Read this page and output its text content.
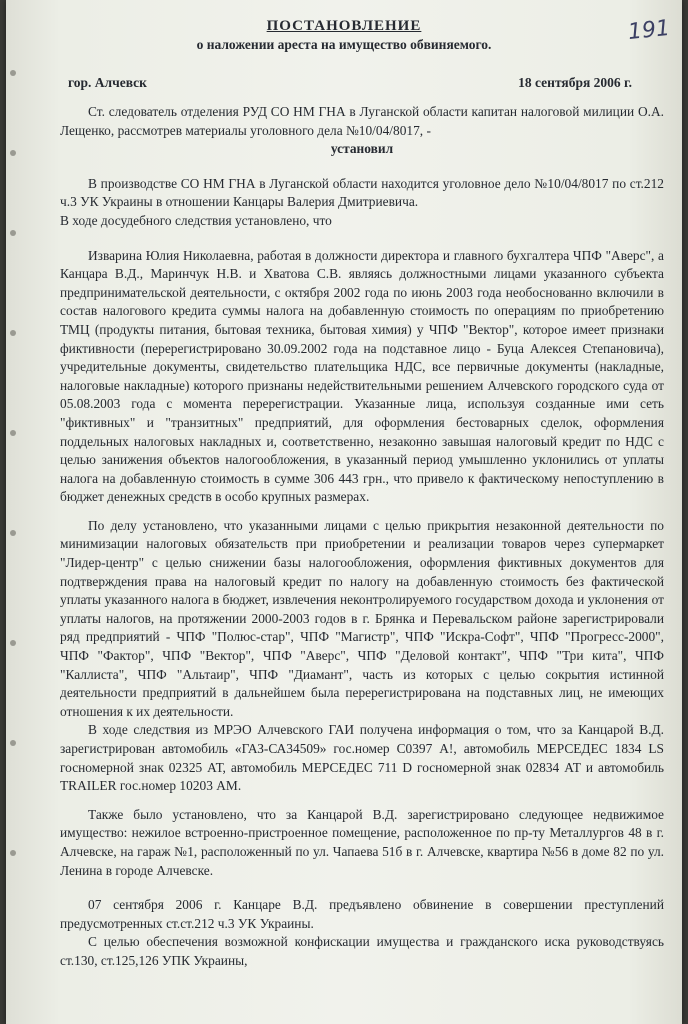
191
ПОСТАНОВЛЕНИЕ
о наложении ареста на имущество обвиняемого.
гор. Алчевск	18 сентября 2006 г.

Ст. следователь отделения РУД СО НМ ГНА в Луганской области капитан налоговой милиции О.А. Лещенко, рассмотрев материалы уголовного дела №10/04/8017, -

установил

В производстве СО НМ ГНА в Луганской области находится уголовное дело №10/04/8017 по ст.212 ч.3 УК Украины в отношении Канцары Валерия Дмитриевича.

В ходе досудебного следствия установлено, что

Изварина Юлия Николаевна, работая в должности директора и главного бухгалтера ЧПФ "Аверс", а Канцара В.Д., Маринчук Н.В. и Хватова С.В. являясь должностными лицами указанного субъекта предпринимательской деятельности, с октября 2002 года по июнь 2003 года необоснованно включили в состав налогового кредита суммы налога на добавленную стоимость по операциям по приобретению ТМЦ (продукты питания, бытовая техника, бытовая химия) у ЧПФ "Вектор", которое имеет признаки фиктивности (перерегистрировано 30.09.2002 года на подставное лицо - Буца Алексея Степановича), учредительные документы, свидетельство плательщика НДС, все первичные документы (накладные, налоговые накладные) которого признаны недействительными решением Алчевского городского суда от 05.08.2003 года с момента перерегистрации. Указанные лица, используя созданные ими сеть "фиктивных" и "транзитных" предприятий, для оформления бестоварных сделок, оформления поддельных налоговых накладных и, соответственно, незаконно завышая налоговый кредит по НДС с целью занижения объектов налогообложения, в указанный период умышленно уклонились от уплаты налога на добавленную стоимость в сумме 306 443 грн., что привело к фактическому непоступлению в бюджет денежных средств в особо крупных размерах.

По делу установлено, что указанными лицами с целью прикрытия незаконной деятельности по минимизации налоговых обязательств при приобретении и реализации товаров через супермаркет "Лидер-центр" с целью снижении базы налогообложения, оформления фиктивных документов для подтверждения права на налоговый кредит по налогу на добавленную стоимость без фактической уплаты указанного налога в бюджет, извлечения неконтролируемого государством дохода и уклонения от уплаты налогов, на протяжении 2000-2003 годов в г. Брянка и Перевальском районе зарегистрировали ряд предприятий - ЧПФ "Полюс-стар", ЧПФ "Магистр", ЧПФ "Искра-Софт", ЧПФ "Прогресс-2000", ЧПФ "Фактор", ЧПФ "Вектор", ЧПФ "Аверс", ЧПФ "Деловой контакт", ЧПФ "Три кита", ЧПФ "Каллиста", ЧПФ "Альтаир", ЧПФ "Диамант", часть из которых с целью сокрытия истинной деятельности предприятий в дальнейшем была перерегистрирована на подставных лиц, не имеющих отношения к их деятельности.

В ходе следствия из МРЭО Алчевского ГАИ получена информация о том, что за Канцарой В.Д. зарегистрирован автомобиль «ГАЗ-СА34509» гос.номер С0397 А!, автомобиль МЕРСЕДЕС 1834 LS госномерной знак 02325 АТ, автомобиль МЕРСЕДЕС 711 D госномерной знак 02834 АТ и автомобиль TRAILER гос.номер 10203 АМ.

Также было установлено, что за Канцарой В.Д. зарегистрировано следующее недвижимое имущество: нежилое встроенно-пристроенное помещение, расположенное по пр-ту Металлургов 48 в г. Алчевске, на гараж №1, расположенный по ул. Чапаева 51б в г. Алчевске, квартира №56 в доме 82 по ул. Ленина в городе Алчевске.

07 сентября 2006 г. Канцаре В.Д. предъявлено обвинение в совершении преступлений предусмотренных ст.ст.212 ч.3 УК Украины.

С целью обеспечения возможной конфискации имущества и гражданского иска руководствуясь ст.130, ст.125,126 УПК Украины,
